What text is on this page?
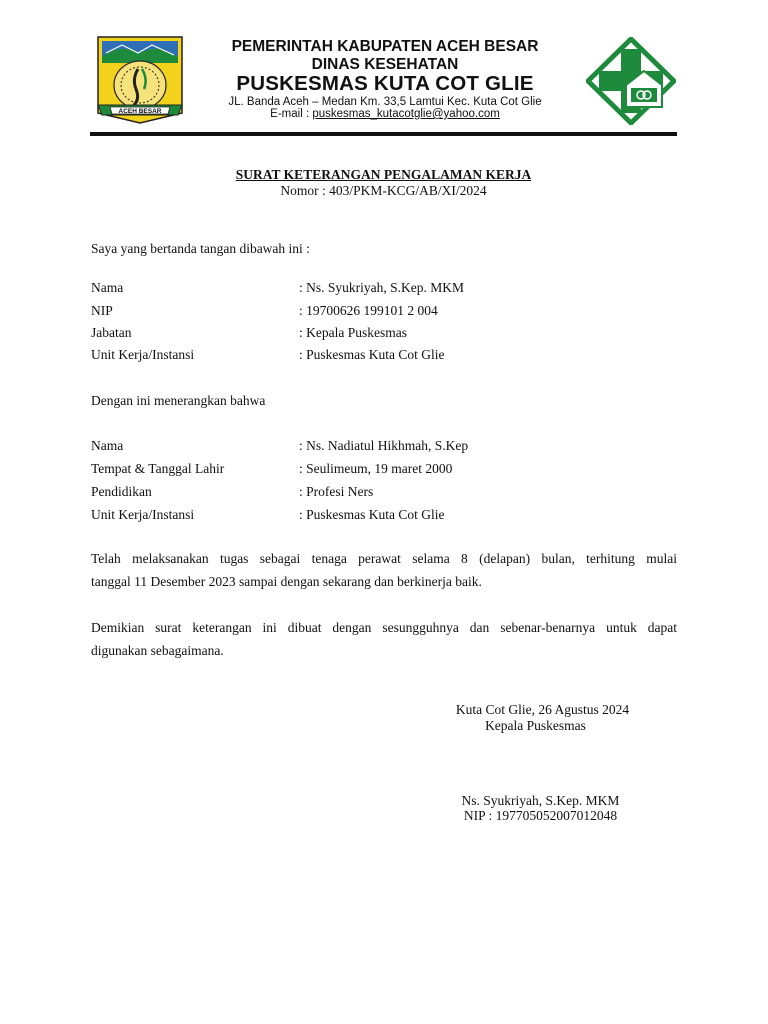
ACEH BESAR
PEMERINTAH KABUPATEN ACEH BESAR
DINAS KESEHATAN
PUSKESMAS KUTA COT GLIE
JL. Banda Aceh – Medan Km. 33,5 Lamtui Kec. Kuta Cot Glie
E-mail : puskesmas_kutacotglie@yahoo.com
SURAT KETERANGAN PENGALAMAN KERJA
Nomor : 403/PKM-KCG/AB/XI/2024
Saya yang bertanda tangan dibawah ini :
Nama	: Ns. Syukriyah, S.Kep. MKM
NIP	: 19700626 199101 2 004
Jabatan	: Kepala Puskesmas
Unit Kerja/Instansi	: Puskesmas Kuta Cot Glie
Dengan ini menerangkan bahwa
Nama	: Ns. Nadiatul Hikhmah, S.Kep
Tempat & Tanggal Lahir	: Seulimeum, 19 maret 2000
Pendidikan	: Profesi Ners
Unit Kerja/Instansi	: Puskesmas Kuta Cot Glie
Telah melaksanakan tugas sebagai tenaga perawat selama 8 (delapan) bulan, terhitung mulai
tanggal 11 Desember 2023 sampai dengan sekarang dan berkinerja baik.
Demikian surat keterangan ini dibuat dengan sesungguhnya dan sebenar-benarnya untuk dapat
digunakan sebagaimana.
Kuta Cot Glie, 26 Agustus 2024
Kepala Puskesmas
Ns. Syukriyah, S.Kep. MKM
NIP : 197705052007012048
